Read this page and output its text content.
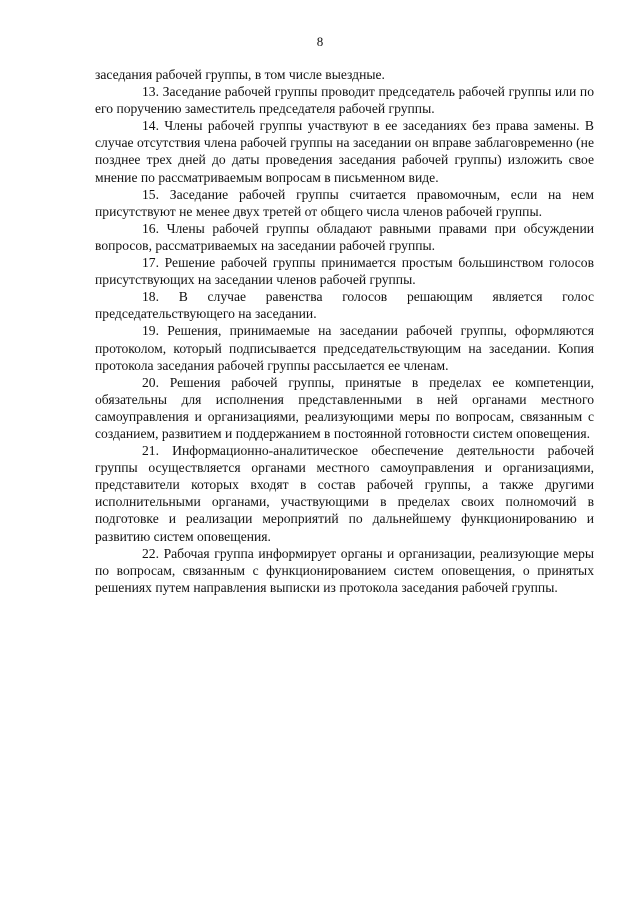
8

заседания рабочей группы, в том числе выездные.

13. Заседание рабочей группы проводит председатель рабочей группы или по его поручению заместитель председателя рабочей группы.

14. Члены рабочей группы участвуют в ее заседаниях без права замены. В случае отсутствия члена рабочей группы на заседании он вправе заблаговременно (не позднее трех дней до даты проведения заседания рабочей группы) изложить свое мнение по рассматриваемым вопросам в письменном виде.

15. Заседание рабочей группы считается правомочным, если на нем присутствуют не менее двух третей от общего числа членов рабочей группы.

16. Члены рабочей группы обладают равными правами при обсуждении вопросов, рассматриваемых на заседании рабочей группы.

17. Решение рабочей группы принимается простым большинством голосов присутствующих на заседании членов рабочей группы.

18. В случае равенства голосов решающим является голос председательствующего на заседании.

19. Решения, принимаемые на заседании рабочей группы, оформляются протоколом, который подписывается председательствующим на заседании. Копия протокола заседания рабочей группы рассылается ее членам.

20. Решения рабочей группы, принятые в пределах ее компетенции, обязательны для исполнения представленными в ней органами местного самоуправления и организациями, реализующими меры по вопросам, связанным с созданием, развитием и поддержанием в постоянной готовности систем оповещения.

21. Информационно-аналитическое обеспечение деятельности рабочей группы осуществляется органами местного самоуправления и организациями, представители которых входят в состав рабочей группы, а также другими исполнительными органами, участвующими в пределах своих полномочий в подготовке и реализации мероприятий по дальнейшему функционированию и развитию систем оповещения.

22. Рабочая группа информирует органы и организации, реализующие меры по вопросам, связанным с функционированием систем оповещения, о принятых решениях путем направления выписки из протокола заседания рабочей группы.
